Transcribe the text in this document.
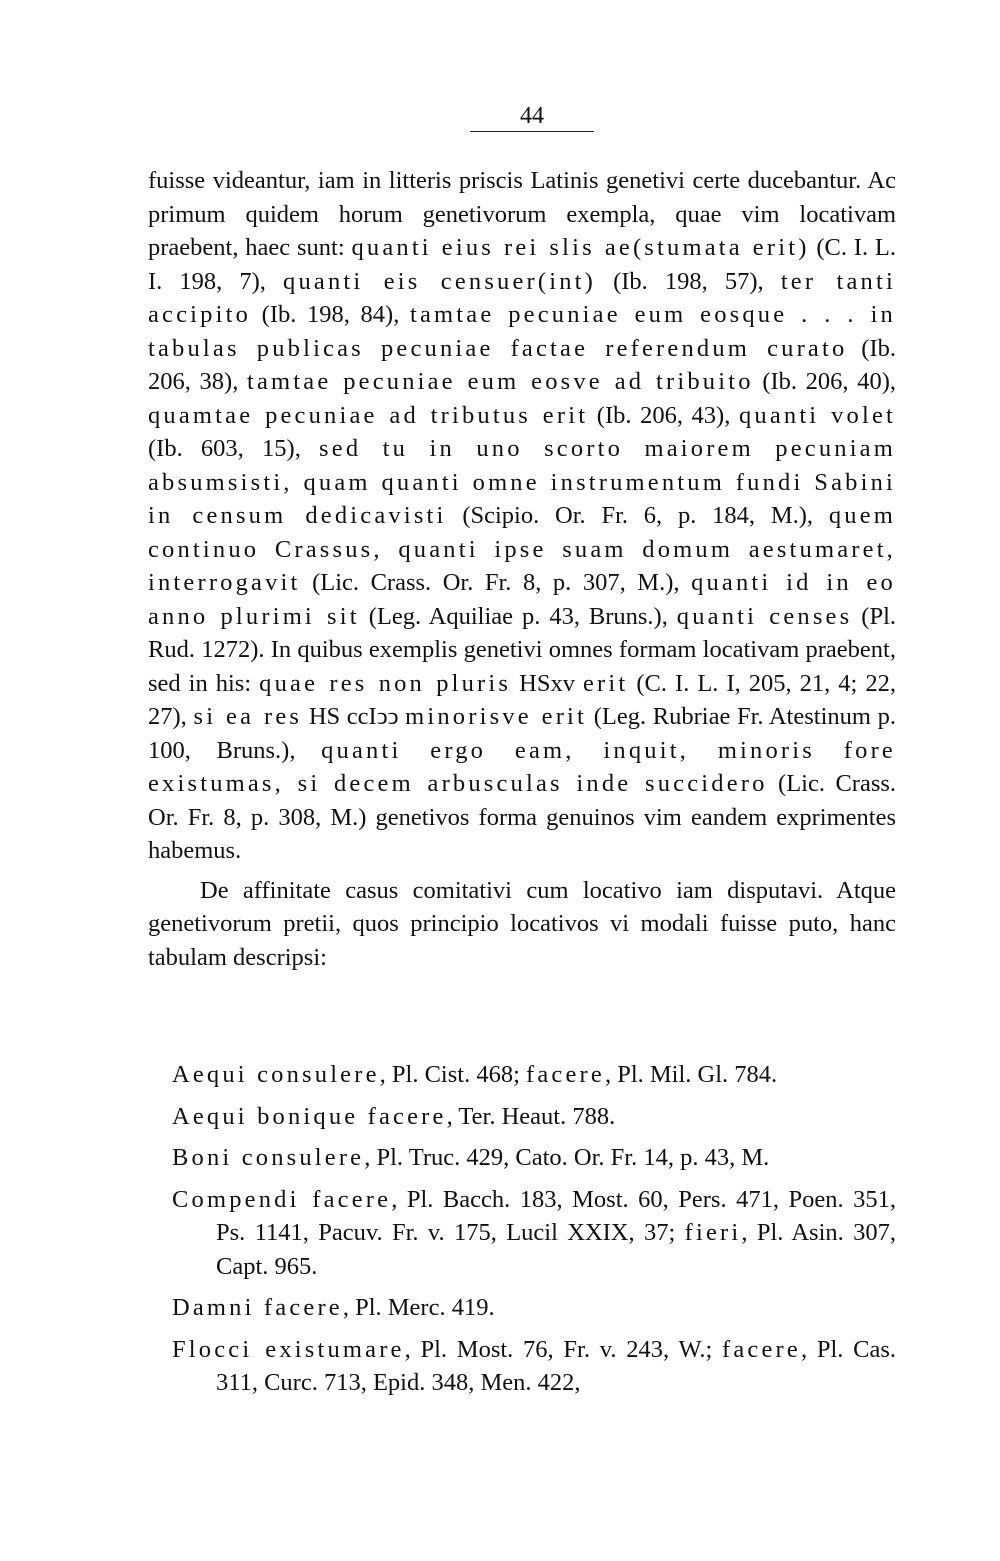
44

fuisse videantur, iam in litteris priscis Latinis genetivi certe ducebantur. Ac primum quidem horum genetivorum exempla, quae vim locativam praebent, haec sunt: quanti eius rei slis ae(stumata erit) (C. I. L. I. 198, 7), quanti eis censuer(int) (Ib. 198, 57), ter tanti accipito (Ib. 198, 84), tamtae pecuniae eum eosque . . . in tabulas publicas pecuniae factae referendum curato (Ib. 206, 38), tamtae pecuniae eum eosve ad tribuito (Ib. 206, 40), quamtae pecuniae ad tributus erit (Ib. 206, 43), quanti volet (Ib. 603, 15), sed tu in uno scorto maiorem pecuniam absumsisti, quam quanti omne instrumentum fundi Sabini in censum dedicavisti (Scipio. Or. Fr. 6, p. 184, M.), quem continuo Crassus, quanti ipse suam domum aestumaret, interrogavit (Lic. Crass. Or. Fr. 8, p. 307, M.), quanti id in eo anno plurimi sit (Leg. Aquiliae p. 43, Bruns.), quanti censes (Pl. Rud. 1272). In quibus exemplis genetivi omnes formam locativam praebent, sed in his: quae res non pluris HSxv erit (C. I. L. I, 205, 21, 4; 22, 27), si ea res HS ccIↄↄ minorisve erit (Leg. Rubriae Fr. Atestinum p. 100, Bruns.), quanti ergo eam, inquit, minoris fore existumas, si decem arbusculas inde succidero (Lic. Crass. Or. Fr. 8, p. 308, M.) genetivos forma genuinos vim eandem exprimentes habemus.

De affinitate casus comitativi cum locativo iam disputavi. Atque genetivorum pretii, quos principio locativos vi modali fuisse puto, hanc tabulam descripsi:

Aequi consulere, Pl. Cist. 468; facere, Pl. Mil. Gl. 784.
Aequi bonique facere, Ter. Heaut. 788.
Boni consulere, Pl. Truc. 429, Cato. Or. Fr. 14, p. 43, M.
Compendi facere, Pl. Bacch. 183, Most. 60, Pers. 471, Poen. 351, Ps. 1141, Pacuv. Fr. v. 175, Lucil XXIX, 37; fieri, Pl. Asin. 307, Capt. 965.
Damni facere, Pl. Merc. 419.
Flocci existumare, Pl. Most. 76, Fr. v. 243, W.; facere, Pl. Cas. 311, Curc. 713, Epid. 348, Men. 422,
